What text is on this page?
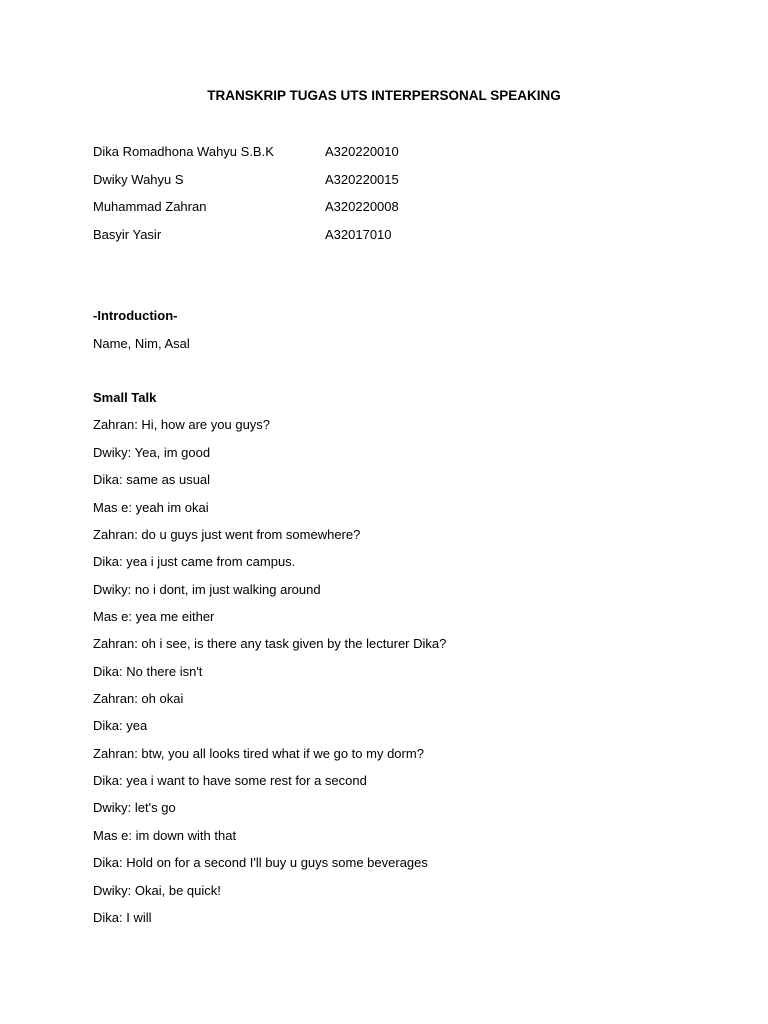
TRANSKRIP TUGAS UTS INTERPERSONAL SPEAKING
Dika Romadhona Wahyu S.B.K	A320220010
Dwiky Wahyu S	A320220015
Muhammad Zahran	A320220008
Basyir Yasir	A32017010
-Introduction-
Name, Nim, Asal
Small Talk
Zahran: Hi, how are you guys?
Dwiky: Yea, im good
Dika: same as usual
Mas e: yeah im okai
Zahran: do u guys just went from somewhere?
Dika: yea i just came from campus.
Dwiky: no i dont, im just walking around
Mas e: yea me either
Zahran: oh i see, is there any task given by the lecturer Dika?
Dika: No there isn't
Zahran: oh okai
Dika: yea
Zahran: btw, you all looks tired what if we go to my dorm?
Dika: yea i want to have some rest for a second
Dwiky: let's go
Mas e: im down with that
Dika: Hold on for a second I'll buy u guys some beverages
Dwiky: Okai, be quick!
Dika: I will
